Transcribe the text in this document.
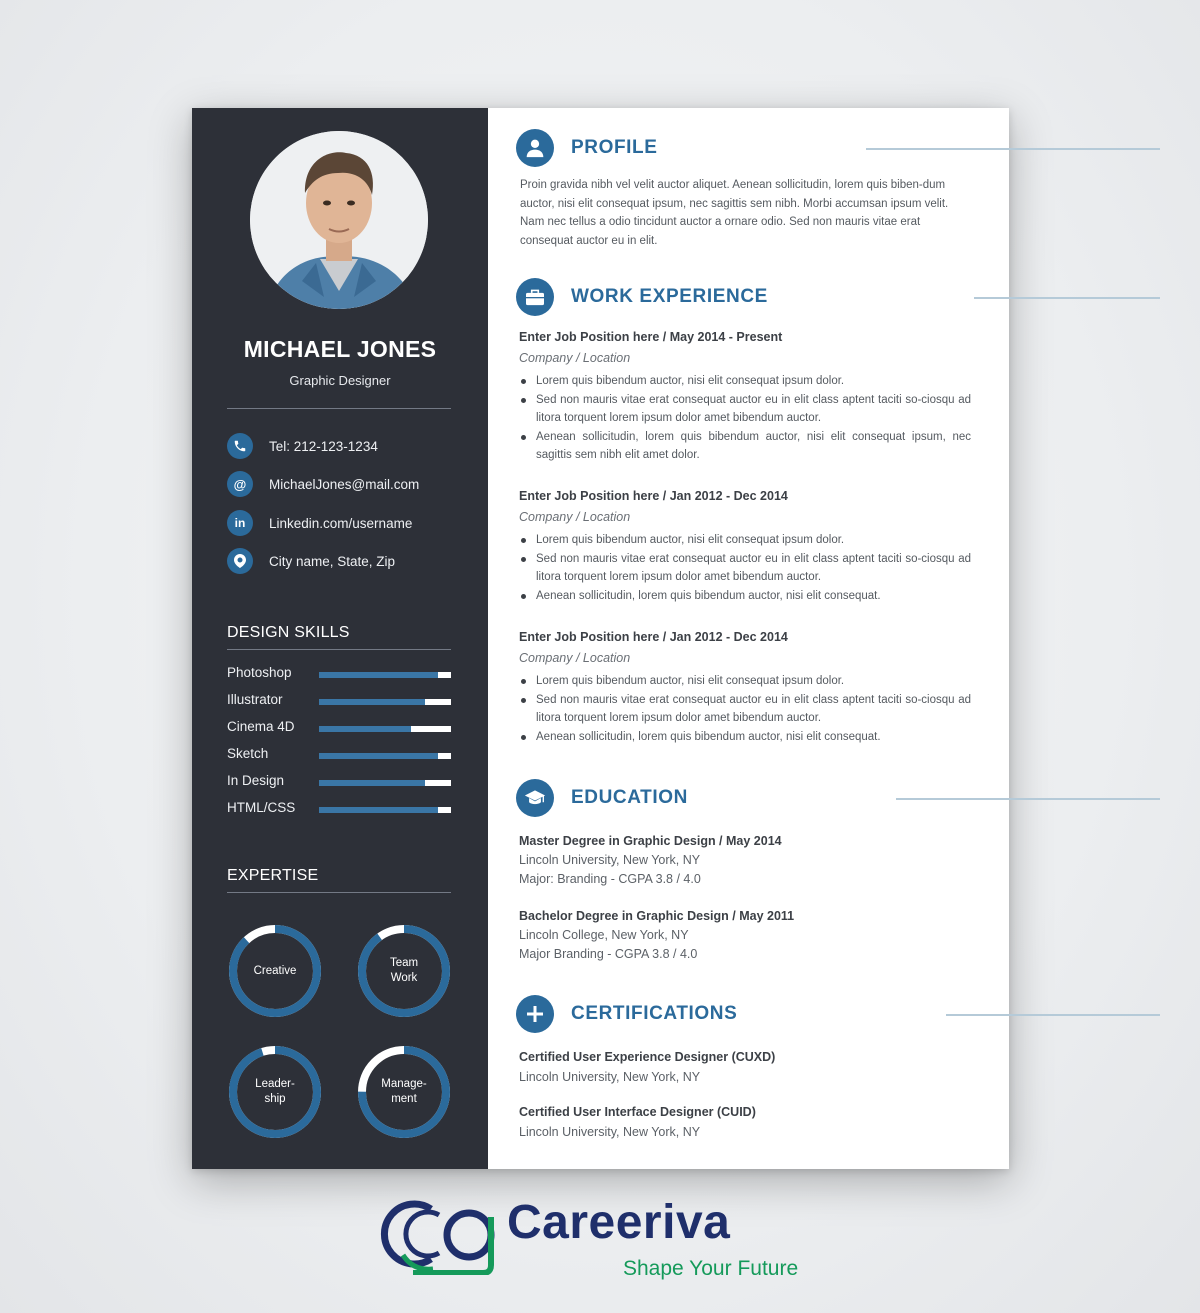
MICHAEL JONES
Graphic Designer
Tel: 212-123-1234
@	MichaelJones@mail.com
in	Linkedin.com/username
City name, State, Zip
DESIGN SKILLS
Photoshop
Illustrator
Cinema 4D
Sketch
In Design
HTML/CSS
EXPERTISE
Creative
Team
Work
Leader-
ship
Manage-
ment
PROFILE
Proin gravida nibh vel velit auctor aliquet. Aenean sollicitudin, lorem quis biben-dum auctor, nisi elit consequat ipsum, nec sagittis sem nibh. Morbi accumsan ipsum velit. Nam nec tellus a odio tincidunt auctor a ornare odio. Sed non mauris vitae erat consequat auctor eu in elit.
WORK EXPERIENCE
Enter Job Position here / May 2014 - Present
Company / Location
Lorem quis bibendum auctor, nisi elit consequat ipsum dolor.
Sed non mauris vitae erat consequat auctor eu in elit class aptent taciti so-ciosqu ad litora torquent lorem ipsum dolor amet bibendum auctor.
Aenean sollicitudin, lorem quis bibendum auctor, nisi elit consequat ipsum, nec sagittis sem nibh elit amet dolor.
Enter Job Position here / Jan 2012 - Dec 2014
Company / Location
Lorem quis bibendum auctor, nisi elit consequat ipsum dolor.
Sed non mauris vitae erat consequat auctor eu in elit class aptent taciti so-ciosqu ad litora torquent lorem ipsum dolor amet bibendum auctor.
Aenean sollicitudin, lorem quis bibendum auctor, nisi elit consequat.
Enter Job Position here / Jan 2012 - Dec 2014
Company / Location
Lorem quis bibendum auctor, nisi elit consequat ipsum dolor.
Sed non mauris vitae erat consequat auctor eu in elit class aptent taciti so-ciosqu ad litora torquent lorem ipsum dolor amet bibendum auctor.
Aenean sollicitudin, lorem quis bibendum auctor, nisi elit consequat.
EDUCATION
Master Degree in Graphic Design / May 2014
Lincoln University, New York, NY
Major: Branding - CGPA 3.8 / 4.0
Bachelor Degree in Graphic Design / May 2011
Lincoln College, New York, NY
Major Branding - CGPA 3.8 / 4.0
CERTIFICATIONS
Certified User Experience Designer (CUXD)
Lincoln University, New York, NY
Certified User Interface Designer (CUID)
Lincoln University, New York, NY
Careeriva
Shape Your Future
